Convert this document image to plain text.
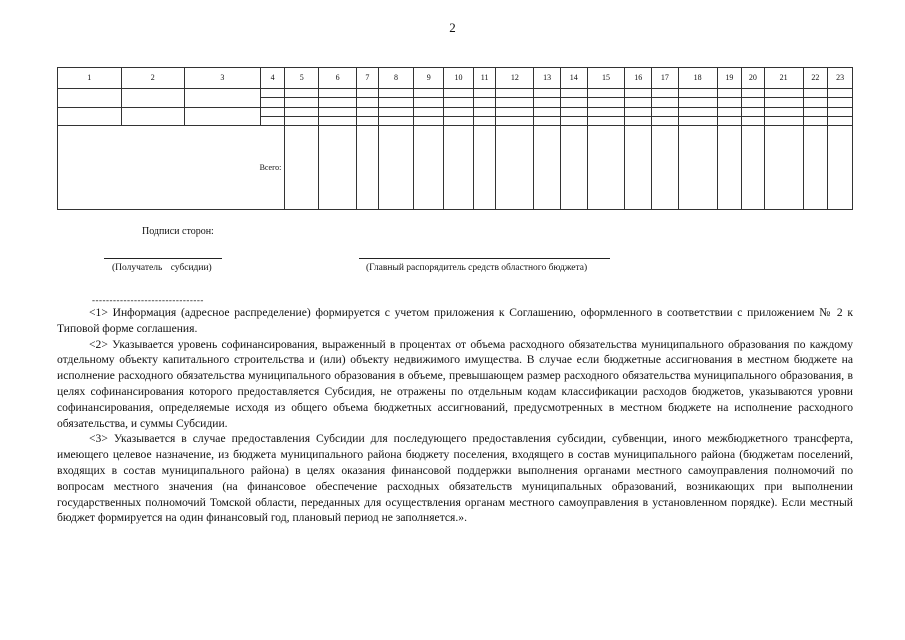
2
1	2	3	4	5	6	7	8	9	10	11	12	13	14	15	16	17	18	19	20	21	22	23

Всего:																						
Подписи сторон:
(Получатель субсидии)	(Главный распорядитель средств областного бюджета)
--------------------------------

<1> Информация (адресное распределение) формируется с учетом приложения к Соглашению, оформленного в соответствии с приложением № 2 к Типовой форме соглашения.

<2> Указывается уровень софинансирования, выраженный в процентах от объема расходного обязательства муниципального образования по каждому отдельному объекту капитального строительства и (или) объекту недвижимого имущества. В случае если бюджетные ассигнования в местном бюджете на исполнение расходного обязательства муниципального образования в объеме, превышающем размер расходного обязательства муниципального образования, в целях софинансирования которого предоставляется Субсидия, не отражены по отдельным кодам классификации расходов бюджетов, указываются уровни софинансирования, определяемые исходя из общего объема бюджетных ассигнований, предусмотренных в местном бюджете на исполнение расходного обязательства, и суммы Субсидии.

<3> Указывается в случае предоставления Субсидии для последующего предоставления субсидии, субвенции, иного межбюджетного трансферта, имеющего целевое назначение, из бюджета муниципального района бюджету поселения, входящего в состав муниципального района (бюджетам поселений, входящих в состав муниципального района) в целях оказания финансовой поддержки выполнения органами местного самоуправления полномочий по вопросам местного значения (на финансовое обеспечение расходных обязательств муниципальных образований, возникающих при выполнении государственных полномочий Томской области, переданных для осуществления органам местного самоуправления в установленном порядке). Если местный бюджет формируется на один финансовый год, плановый период не заполняется.».
